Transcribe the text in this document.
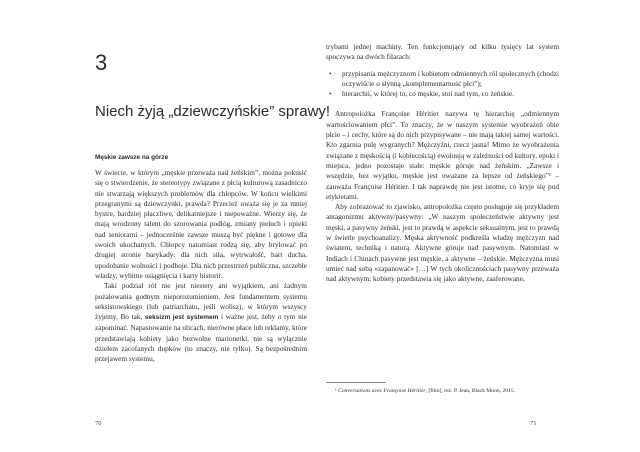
3
Niech żyją „dziewczyńskie” sprawy!
Męskie zawsze na górze

W świecie, w którym „męskie przeważa nad żeńskim”, można pokusić się o stwierdzenie, że stereotypy związane z płcią kulturową zasadniczo nie stwarzają większych problemów dla chłopców. W końcu wielkimi przegranymi są dziewczynki, prawda? Przecież uważa się je za mniej bystre, bardziej płaczliwe, delikatniejsze i niepoważne. Wierzy się, że mają wrodzony talent do szorowania podłóg, zmiany pieluch i opieki nad seniorami – jednocześnie zawsze muszą być piękne i gotowe dla swoich ukochanych. Chłopcy natomiast rodzą się, aby brylować po drugiej stronie barykady: dla nich siła, wytrwałość, hart ducha, upodobanie wolności i podboje. Dla nich przestrzeń publiczna, szczeble władzy, wybitne osiągnięcia i karty historii.

Taki podział ról nie jest niestety ani wyjątkiem, ani żadnym pożałowania godnym nieporozumieniem. Jest fundamentem systemu seksistowskiego (lub patriarchatu, jeśli wolisz), w którym wszyscy żyjemy. Bo tak, seksizm jest systemem i ważne jest, żeby o tym nie zapominać. Napastowanie na ulicach, nierówne płace lub reklamy, które przedstawiają kobiety jako bezwolne marionetki, nie są wyłącznie dziełem zacofanych dupków (to znaczy, nie tylko). Są bezpośrednim przejawem systemu,

70

trybami jednej machiny. Ten funkcjonujący od kilku tysięcy lat system spoczywa na dwóch filarach:

• przypisania mężczyznom i kobietom odmiennych ról społecznych (chodzi oczywiście o słynną „komplementarność płci”);
• hierarchii, w której to, co męskie, stoi nad tym, co żeńskie.

Antropolożka Françoise Héritier nazywa tę hierarchię „odmiennym wartościowaniem płci”. To znaczy, że w naszym systemie wyobrażeń obie płcie – i cechy, które są do nich przypisywane – nie mają takiej samej wartości. Kto zgarnia pulę wygranych? Mężczyźni, rzecz jasna! Mimo że wyobrażenia związane z męskością (i kobiecością) ewoluują w zależności od kultury, epoki i miejsca, jedno pozostaje stałe: męskie góruje nad żeńskim. „Zawsze i wszędzie, bez wyjątku, męskie jest uważane za lepsze od żeńskiego”¹ – zauważa Françoise Héritier. I tak naprawdę nie jest istotne, co kryje się pod etykietami.

Aby zobrazować to zjawisko, antropolożka często posługuje się przykładem antagonizmu aktywny/pasywny: „W naszym społeczeństwie aktywny jest męski, a pasywny żeński, jest to prawdą w aspekcie seksualnym, jest to prawdą w świetle psychoanalizy. Męska aktywność podkreśla władzę mężczyzn nad światem, techniką i naturą. Aktywne góruje nad pasywnym. Natomiast w Indiach i Chinach pasywne jest męskie, a aktywne – żeńskie. Mężczyzna musi umieć nad sobą «zapanować» […] W tych okolicznościach pasywny przeważa nad aktywnym; kobiety przedstawia się jako aktywne, zaaferowane,

¹ Conversations avec Françoise Héritier, [film], reż. P. Jean, Black Moon, 2015.
71
